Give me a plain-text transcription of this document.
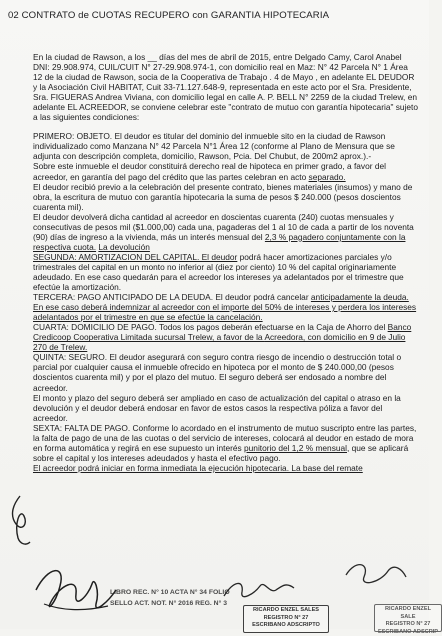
02 CONTRATO de CUOTAS RECUPERO con GARANTIA HIPOTECARIA

En la ciudad de Rawson, a los __ días del mes de abril de 2015, entre Delgado Camy, Carol Anabel DNI: 29.908.974, CUIL/CUIT N° 27-29.908.974-1, con domicilio real en Maz: N° 42 Parcela N° 1 Área 12 de la ciudad de Rawson, socia de la Cooperativa de Trabajo . 4 de Mayo , en adelante EL DEUDOR y la Asociación Civil HABITAT, Cuit 33-71.127.648-9, representada en este acto por el Sra. Presidente, Sra. FIGUERAS Andrea Viviana, con domicilio legal en calle A. P. BELL N° 2259 de la ciudad Trelew, en adelante EL ACREEDOR, se conviene celebrar este "contrato de mutuo con garantía hipotecaria" sujeto a las siguientes condiciones:

PRIMERO: OBJETO. El deudor es titular del dominio del inmueble sito en la ciudad de Rawson individualizado como Manzana N° 42 Parcela N°1 Área 12 (conforme al Plano de Mensura que se adjunta con descripción completa, domicilio, Rawson, Pcia. Del Chubut, de 200m2 aprox.).-

Sobre este inmueble el deudor constituirá derecho real de hipoteca en primer grado, a favor del acreedor, en garantía del pago del crédito que las partes celebran en acto separado.

El deudor recibió previo a la celebración del presente contrato, bienes materiales (insumos) y mano de obra, la escritura de mutuo con garantía hipotecaria la suma de pesos $ 240.000 (pesos doscientos cuarenta mil).

El deudor devolverá dicha cantidad al acreedor en doscientas cuarenta (240) cuotas mensuales y consecutivas de pesos mil ($1.000,00) cada una, pagaderas del 1 al 10 de cada a partir de los noventa (90) días de ingreso a la vivienda, más un interés mensual del 2,3 % pagadero conjuntamente con la respectiva cuota. La devolución

SEGUNDA: AMORTIZACION DEL CAPITAL. El deudor podrá hacer amortizaciones parciales y/o trimestrales del capital en un monto no inferior al (diez por ciento) 10 % del capital originariamente adeudado. En ese caso quedarán para el acreedor los intereses ya adelantados por el trimestre que efectúe la amortización.

TERCERA: PAGO ANTICIPADO DE LA DEUDA. El deudor podrá cancelar anticipadamente la deuda. En ese caso deberá indemnizar al acreedor con el importe del 50% de intereses y perdera los intereses adelantados por el trimestre en que se efectúe la cancelación.

CUARTA: DOMICILIO DE PAGO. Todos los pagos deberán efectuarse en la Caja de Ahorro del Banco Credicoop Cooperativa Limitada sucursal Trelew, a favor de la Acreedora, con domicilio en 9 de Julio 270 de Trelew.

QUINTA: SEGURO. El deudor asegurará con seguro contra riesgo de incendio o destrucción total o parcial por cualquier causa el inmueble ofrecido en hipoteca por el monto de $ 240.000,00 (pesos doscientos cuarenta mil) y por el plazo del mutuo. El seguro deberá ser endosado a nombre del acreedor.

El monto y plazo del seguro deberá ser ampliado en caso de actualización del capital o atraso en la devolución y el deudor deberá endosar en favor de estos casos la respectiva póliza a favor del acreedor.

SEXTA: FALTA DE PAGO. Conforme lo acordado en el instrumento de mutuo suscripto entre las partes, la falta de pago de una de las cuotas o del servicio de intereses, colocará al deudor en estado de mora en forma automática y regirá en ese supuesto un interés punitorio del 1,2 % mensual, que se aplicará sobre el capital y los intereses adeudados y hasta el efectivo pago.

El acreedor podrá iniciar en forma inmediata la ejecución hipotecaria. La base del remate

LIBRO REC. N° 10 ACTA N° 34 FOLIO
SELLO ACT. NOT. N° 2016 REG. N° 3
RICARDO ENZEL SALES
REGISTRO N° 27
ESCRIBANO ADSCRIPTO
RICARDO ENZEL SALE
REGISTRO N° 27
ESCRIBANO ADSCRIP
